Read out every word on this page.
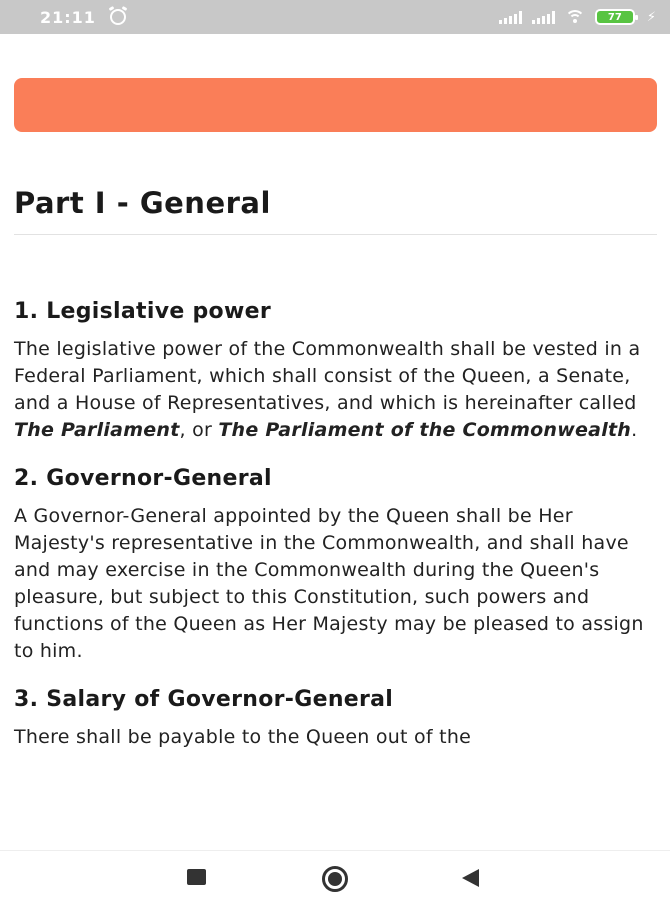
21:11	77	⚡
Part I - General
1. Legislative power

The legislative power of the Commonwealth shall be vested in a Federal Parliament, which shall consist of the Queen, a Senate, and a House of Representatives, and which is hereinafter called The Parliament, or The Parliament of the Commonwealth.

2. Governor-General

A Governor-General appointed by the Queen shall be Her Majesty's representative in the Commonwealth, and shall have and may exercise in the Commonwealth during the Queen's pleasure, but subject to this Constitution, such powers and functions of the Queen as Her Majesty may be pleased to assign to him.

3. Salary of Governor-General

There shall be payable to the Queen out of the
